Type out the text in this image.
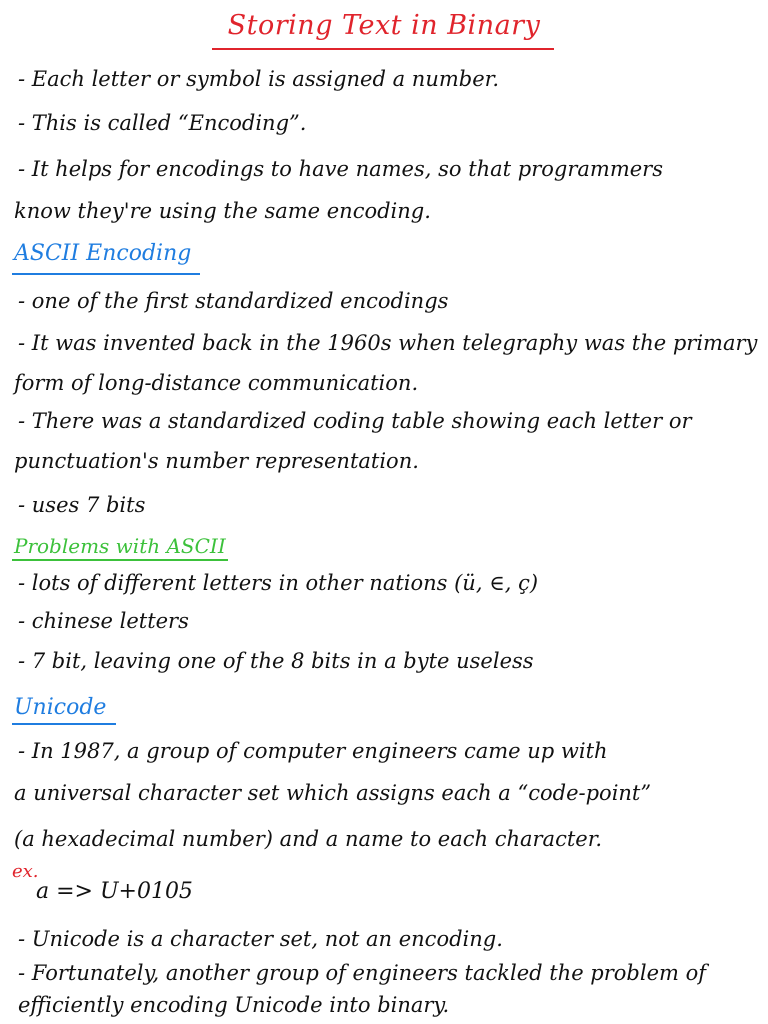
Storing Text in Binary
- Each letter or symbol is assigned a number.
- This is called “Encoding”.
- It helps for encodings to have names, so that programmers
know they're using the same encoding.
ASCII Encoding
- one of the first standardized encodings
- It was invented back in the 1960s when telegraphy was the primary
form of long-distance communication.
- There was a standardized coding table showing each letter or
punctuation's number representation.
- uses 7 bits
Problems with ASCII
- lots of different letters in other nations (ü, ∈, ç)
- chinese letters
- 7 bit, leaving one of the 8 bits in a byte useless
Unicode
- In 1987, a group of computer engineers came up with
a universal character set which assigns each a “code-point”
(a hexadecimal number) and a name to each character.
ex.
a => U+0105
- Unicode is a character set, not an encoding.
- Fortunately, another group of engineers tackled the problem of
efficiently encoding Unicode into binary.
